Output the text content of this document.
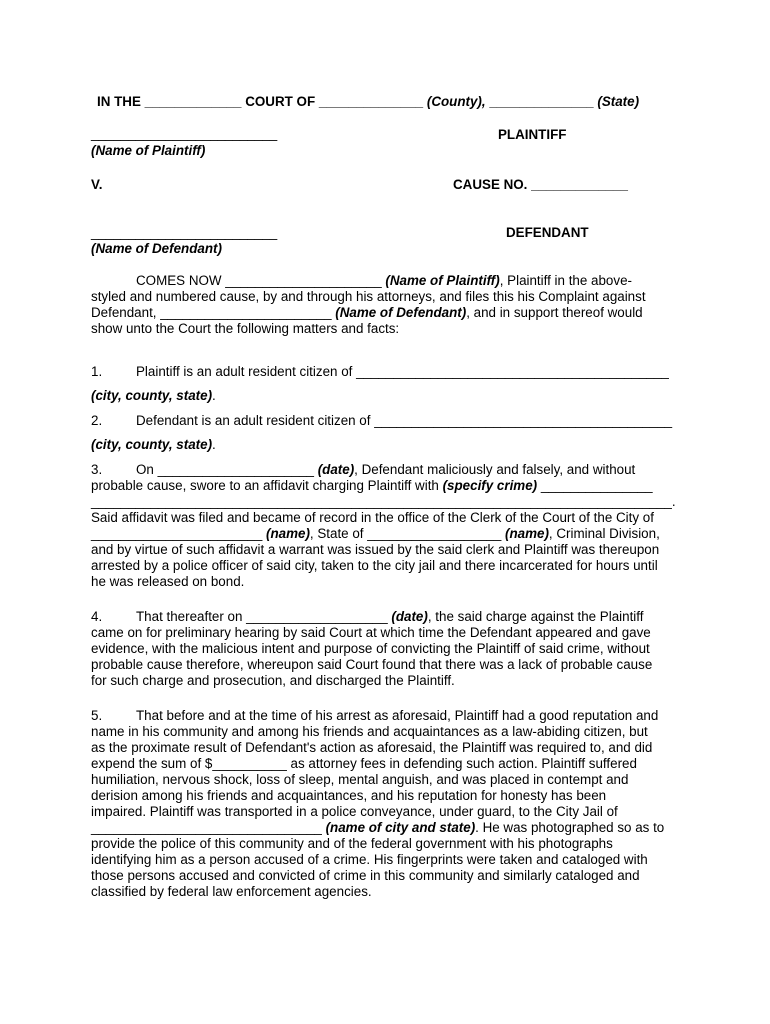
IN THE _____________ COURT OF ______________ (County), ______________ (State)
_________________________
(Name of Plaintiff)
PLAINTIFF
V.	CAUSE NO. _____________
_________________________
(Name of Defendant)
DEFENDANT
COMES NOW _____________________ (Name of Plaintiff), Plaintiff in the above-
styled and numbered cause, by and through his attorneys, and files this his Complaint against
Defendant, _______________________ (Name of Defendant), and in support thereof would
show unto the Court the following matters and facts:
1.	Plaintiff is an adult resident citizen of __________________________________________
(city, county, state).
2.	Defendant is an adult resident citizen of ________________________________________
(city, county, state).
3.	On _____________________ (date), Defendant maliciously and falsely, and without
probable cause, swore to an affidavit charging Plaintiff with (specify crime) _______________
______________________________________________________________________________.
Said affidavit was filed and became of record in the office of the Clerk of the Court of the City of
_______________________ (name), State of __________________ (name), Criminal Division,
and by virtue of such affidavit a warrant was issued by the said clerk and Plaintiff was thereupon
arrested by a police officer of said city, taken to the city jail and there incarcerated for hours until
he was released on bond.
4.	That thereafter on ___________________ (date), the said charge against the Plaintiff
came on for preliminary hearing by said Court at which time the Defendant appeared and gave
evidence, with the malicious intent and purpose of convicting the Plaintiff of said crime, without
probable cause therefore, whereupon said Court found that there was a lack of probable cause
for such charge and prosecution, and discharged the Plaintiff.
5.	That before and at the time of his arrest as aforesaid, Plaintiff had a good reputation and
name in his community and among his friends and acquaintances as a law-abiding citizen, but
as the proximate result of Defendant's action as aforesaid, the Plaintiff was required to, and did
expend the sum of $__________ as attorney fees in defending such action. Plaintiff suffered
humiliation, nervous shock, loss of sleep, mental anguish, and was placed in contempt and
derision among his friends and acquaintances, and his reputation for honesty has been
impaired. Plaintiff was transported in a police conveyance, under guard, to the City Jail of
_______________________________ (name of city and state). He was photographed so as to
provide the police of this community and of the federal government with his photographs
identifying him as a person accused of a crime. His fingerprints were taken and cataloged with
those persons accused and convicted of crime in this community and similarly cataloged and
classified by federal law enforcement agencies.
